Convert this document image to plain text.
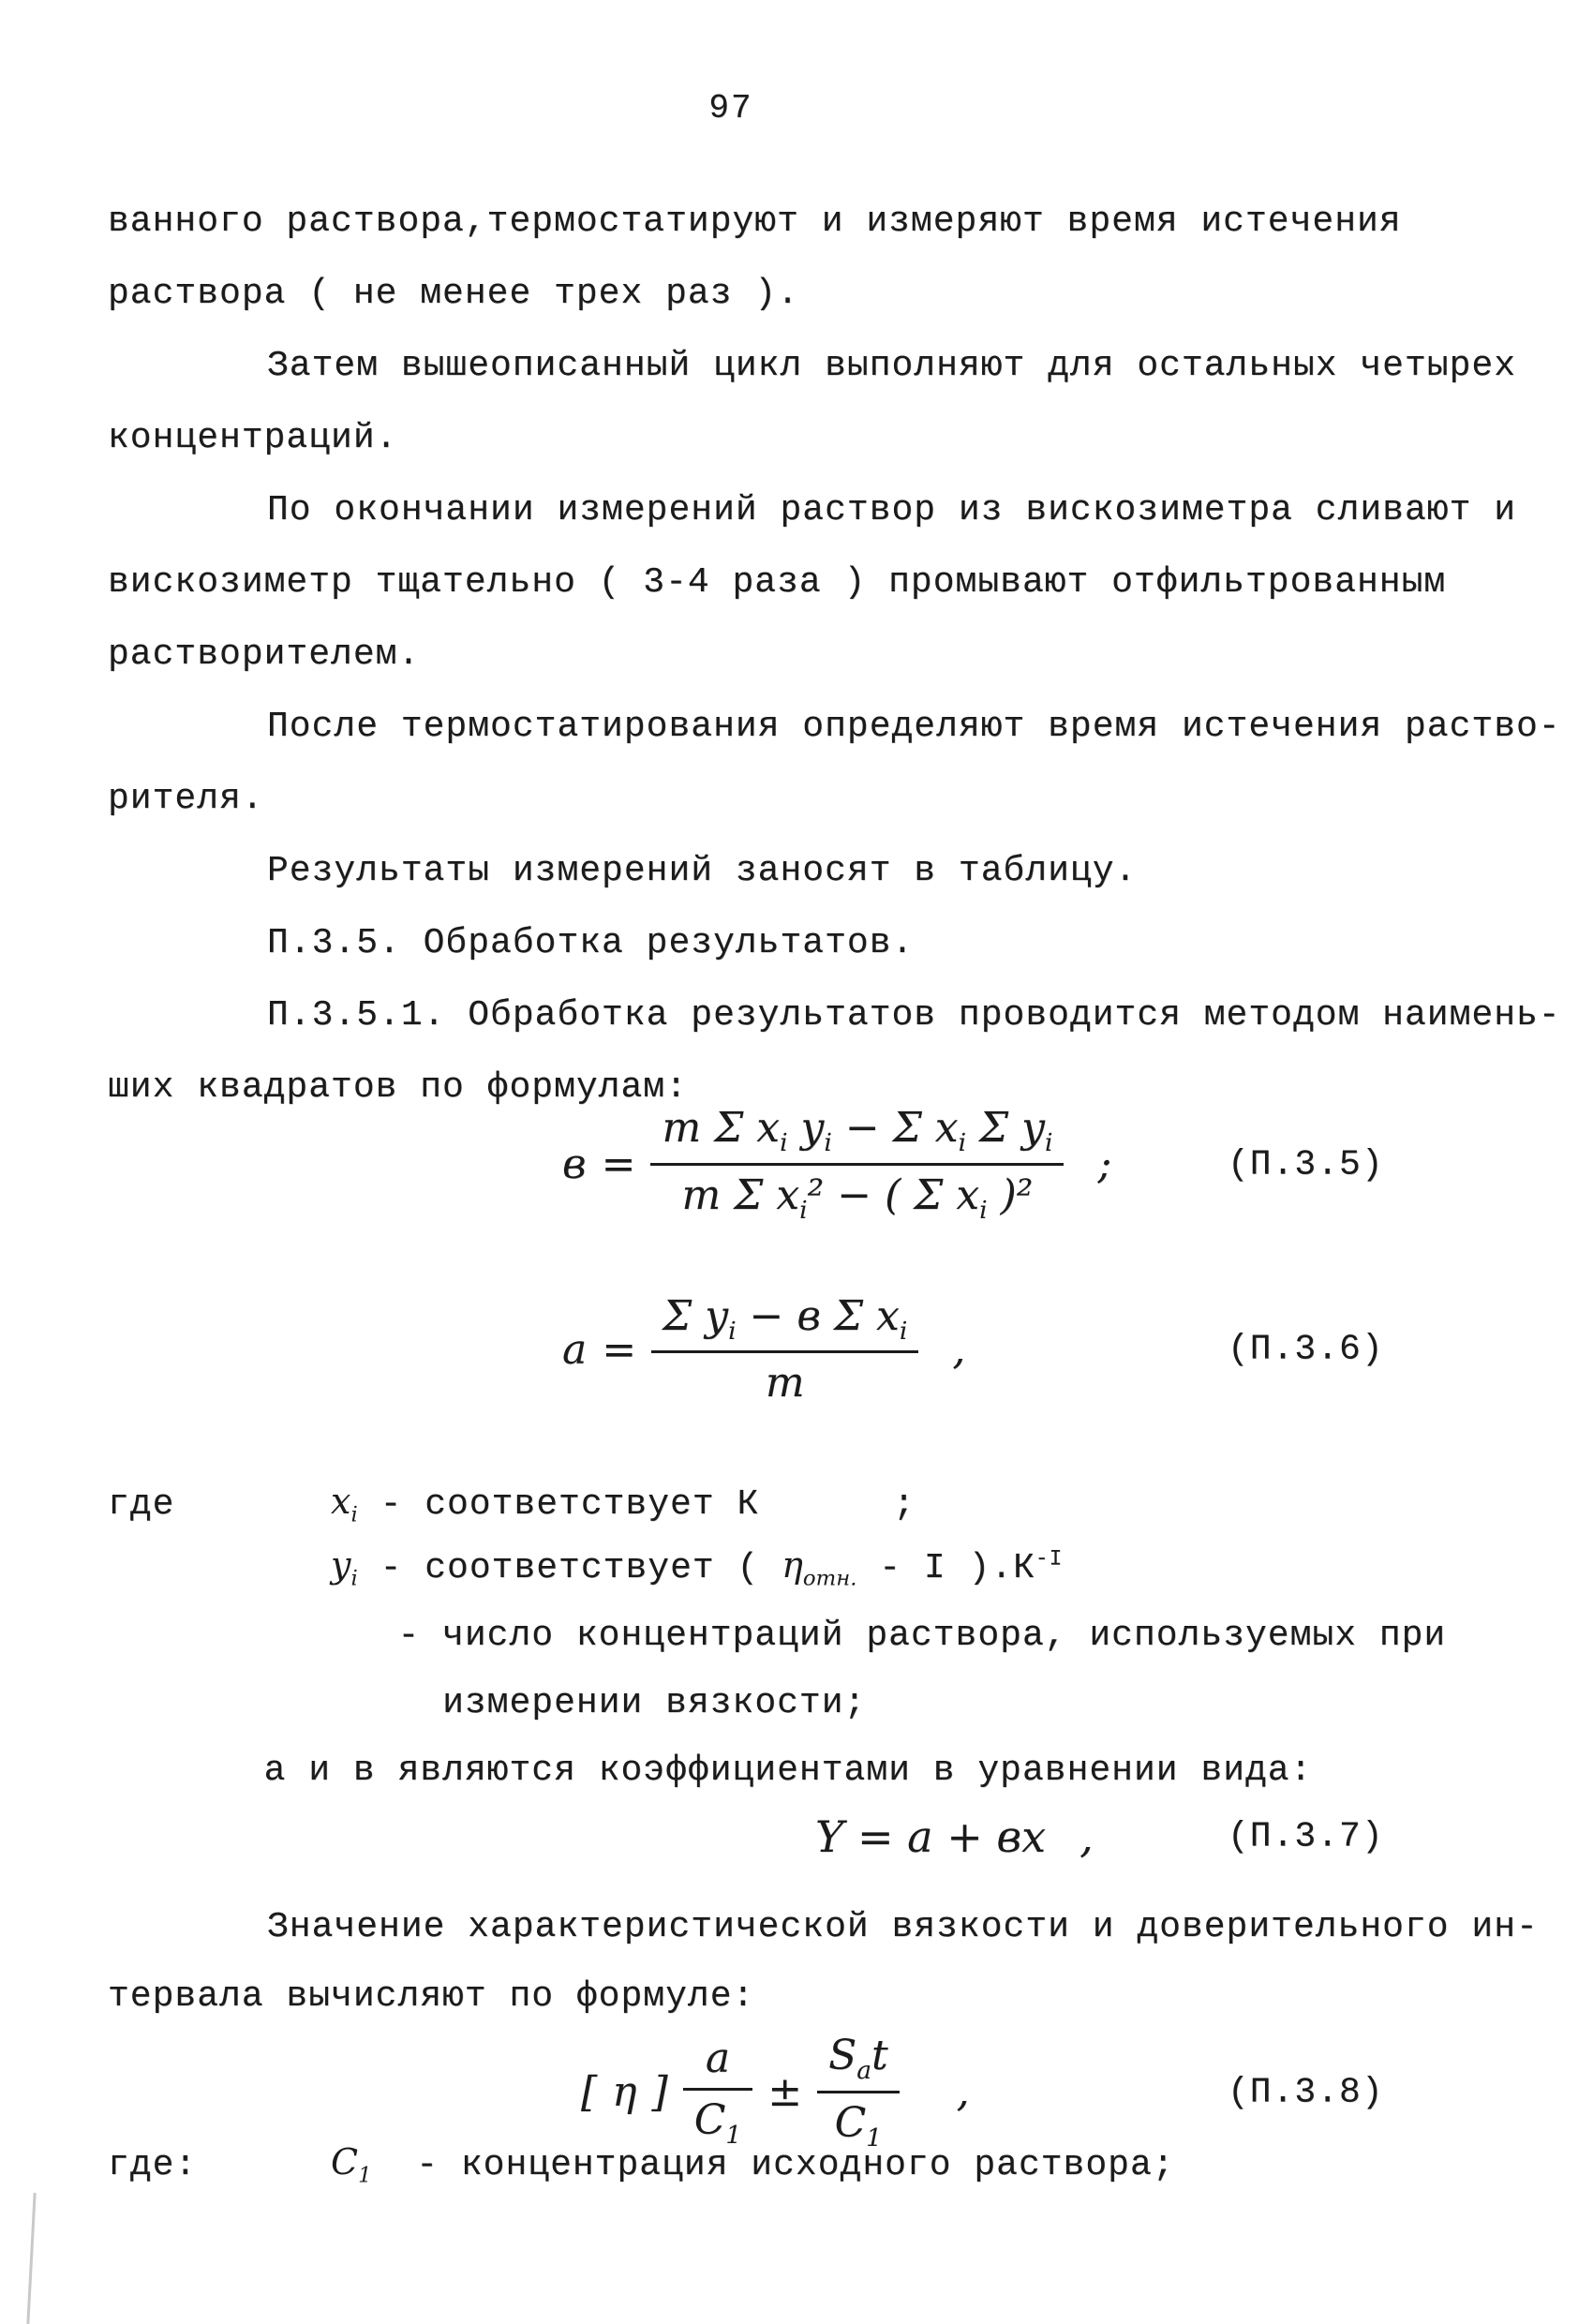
97

ванного раствора,термостатируют и измеряют время истечения

раствора ( не менее трех раз ).

Затем вышеописанный цикл выполняют для остальных четырех

концентраций.

По окончании измерений раствор из вискозиметра сливают и

вискозиметр тщательно ( 3-4 раза ) промывают отфильтрованным

растворителем.

После термостатирования определяют время истечения раство-

рителя.

Результаты измерений заносят в таблицу.

П.3.5. Обработка результатов.

П.3.5.1. Обработка результатов проводится методом наимень-

ших квадратов по формулам:

$в = \frac{m \Sigma x_i y_i - \Sigma x_i \Sigma y_i}{m \Sigma x_i^2 - ( \Sigma x_i )^2}$ ;	(П.3.5)
$а = \frac{\Sigma y_i - в \Sigma x_i}{m}$ ,	(П.3.6)

где       $x_i$ - соответствует К      ;

$y_i$ - соответствует ( $\eta_{отн.}$ - I )$.К^{-I}$

- число концентраций раствора, используемых при

измерении вязкости;

а и в являются коэффициентами в уравнении вида:

Y = а + вx ,	(П.3.7)

Значение характеристической вязкости и доверительного ин-

тервала вычисляют по формуле:

[ η ] $\frac{а}{C_1} \pm \frac{S_at}{C_1}$ ,	(П.3.8)

где:      $C_1$  - концентрация исходного раствора;
